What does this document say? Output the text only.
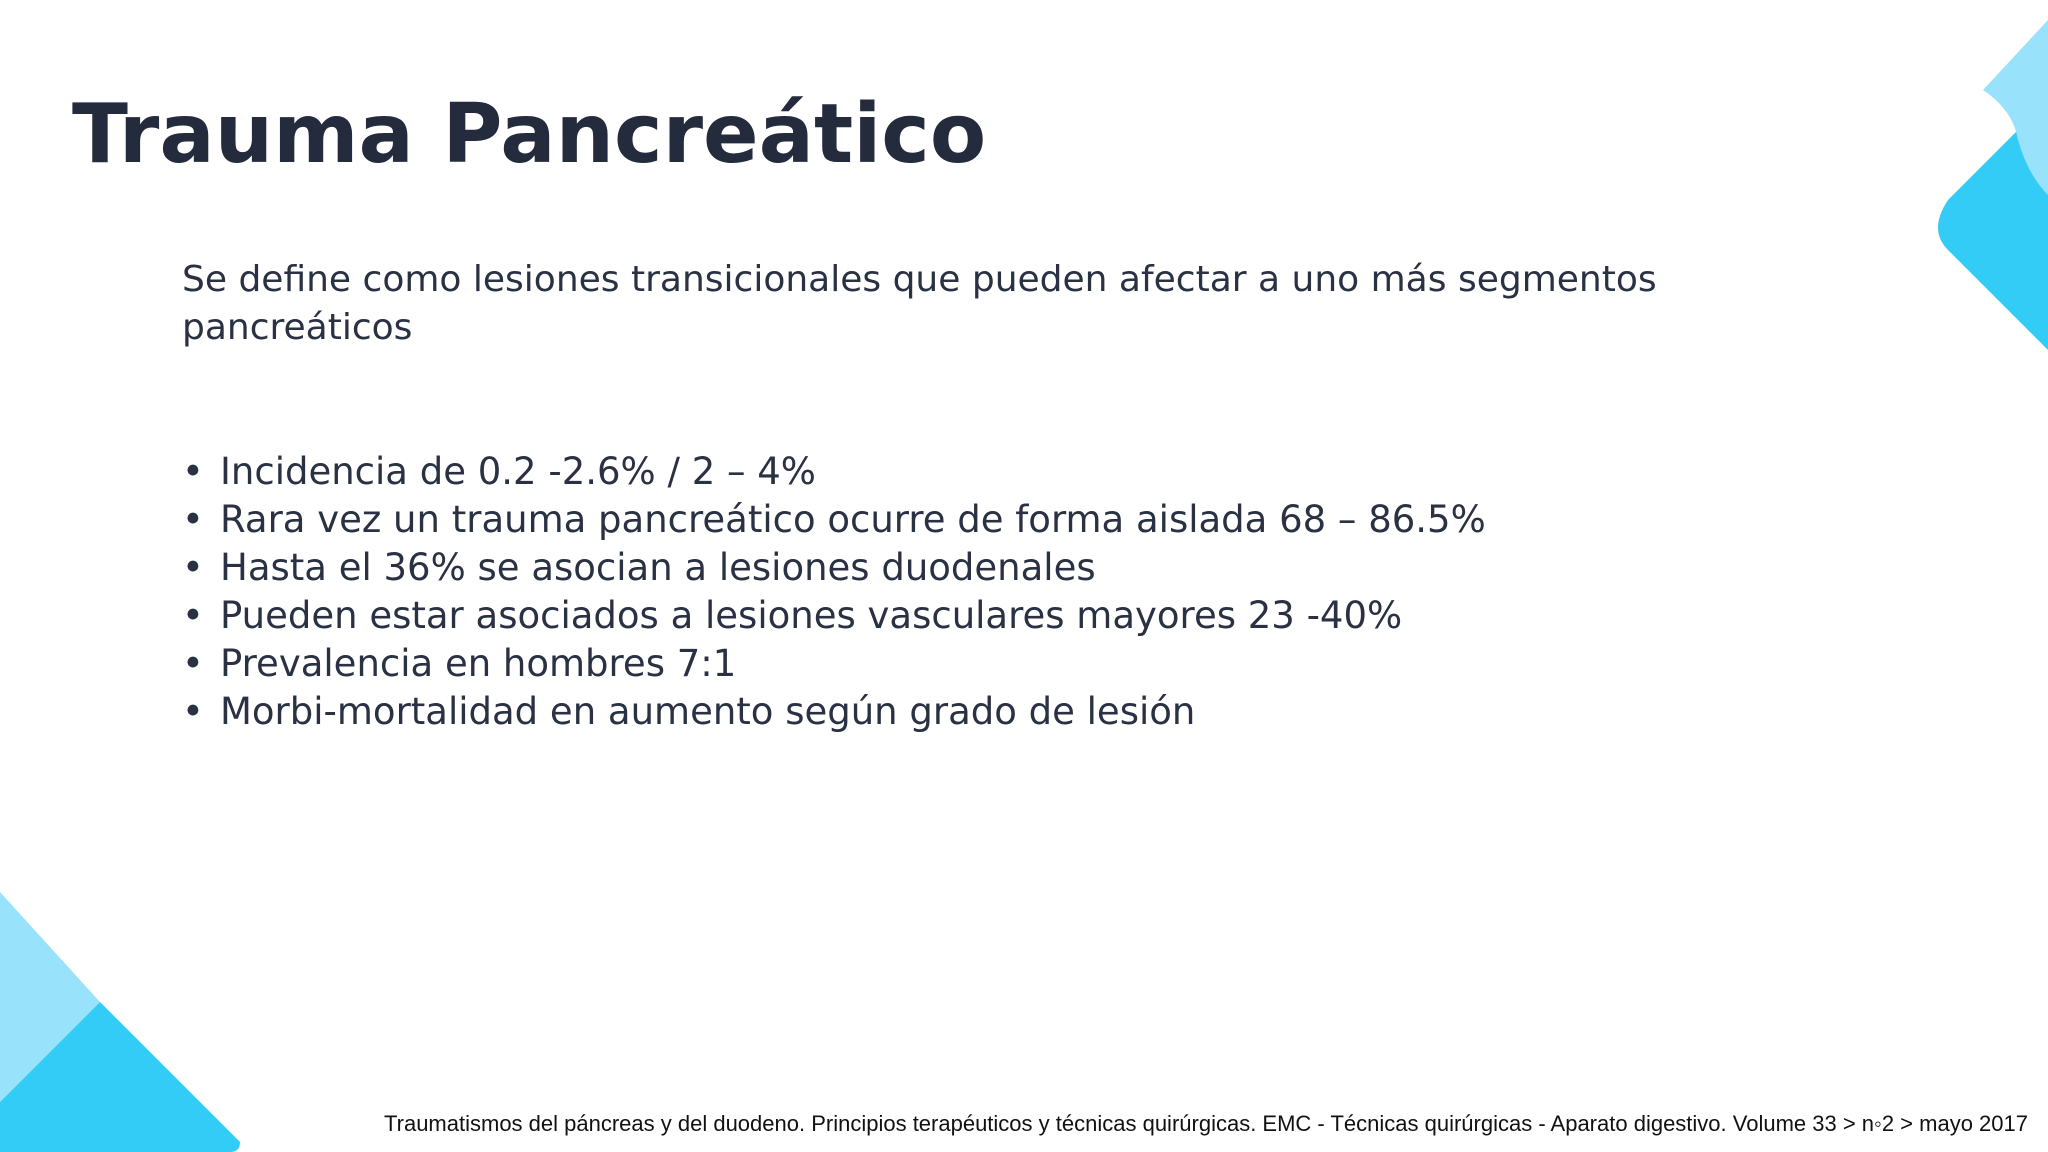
Trauma Pancreático

Se define como lesiones transicionales que pueden afectar a uno más segmentos pancreáticos

• Incidencia de 0.2 -2.6% / 2 – 4%
• Rara vez un trauma pancreático ocurre de forma aislada 68 – 86.5%
• Hasta el 36% se asocian a lesiones duodenales
• Pueden estar asociados a lesiones vasculares mayores 23 -40%
• Prevalencia en hombres 7:1
• Morbi-mortalidad en aumento según grado de lesión

Traumatismos del páncreas y del duodeno. Principios terapéuticos y técnicas quirúrgicas. EMC - Técnicas quirúrgicas - Aparato digestivo. Volume 33 > n◦2 > mayo 2017
